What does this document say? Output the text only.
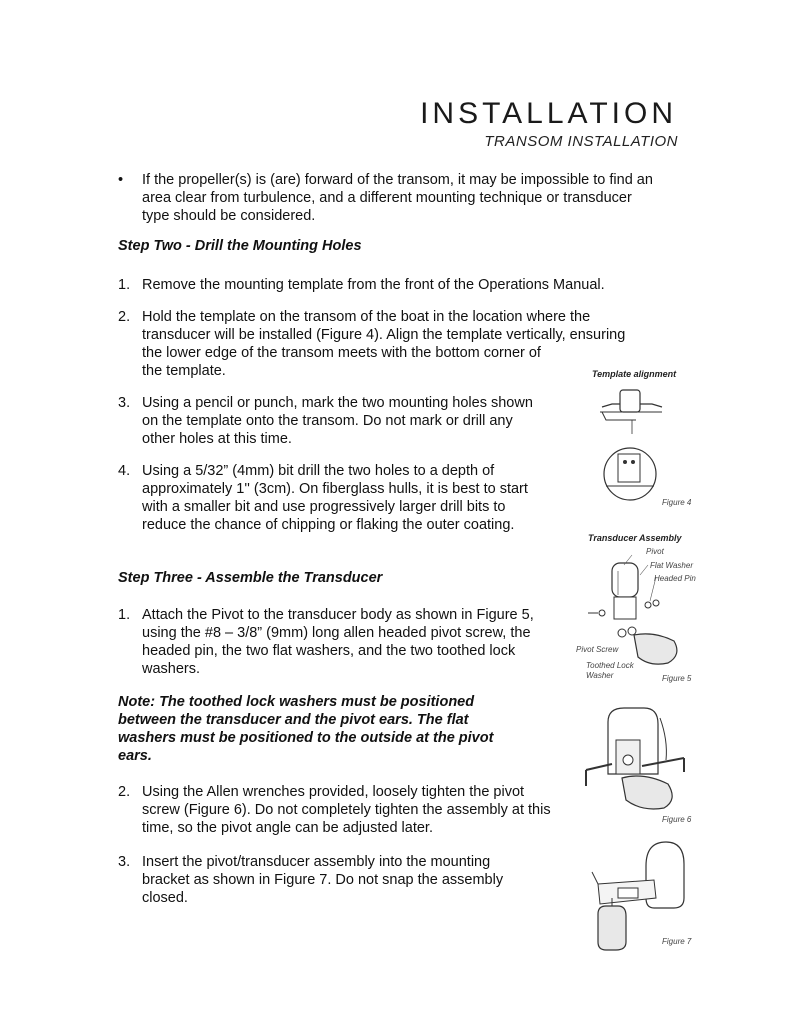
INSTALLATION
TRANSOM INSTALLATION
• If the propeller(s) is (are) forward of the transom, it may be impossible to find an area clear from turbulence, and a different mounting technique or transducer type should be considered.
Step Two - Drill the Mounting Holes
1. Remove the mounting template from the front of the Operations Manual.
2. Hold the template on the transom of the boat in the location where the transducer will be installed (Figure 4). Align the template vertically, ensuring
the lower edge of the transom meets with the bottom corner of the template.
3. Using a pencil or punch, mark the two mounting holes shown on the template onto the transom. Do not mark or drill any other holes at this time.
4. Using a 5/32” (4mm) bit drill the two holes to a depth of approximately 1'' (3cm). On fiberglass hulls, it is best to start with a smaller bit and use progressively larger drill bits to reduce the chance of chipping or flaking the outer coating.
Step Three - Assemble the Transducer
1. Attach the Pivot to the transducer body as shown in Figure 5, using the #8 – 3/8” (9mm) long allen headed pivot screw, the headed pin, the two flat washers, and the two toothed lock washers.
Note: The toothed lock washers must be positioned between the transducer and the pivot ears. The flat washers must be positioned to the outside at the pivot ears.
2. Using the Allen wrenches provided, loosely tighten the pivot screw (Figure 6). Do not completely tighten the assembly at this time, so the pivot angle can be adjusted later.
3. Insert the pivot/transducer assembly into the mounting bracket as shown in Figure 7. Do not snap the assembly closed.
Template alignment
Figure 4
Transducer Assembly
Pivot
Flat Washer
Headed Pin
Pivot Screw
Toothed Lock
Washer	Figure 5
Figure 6
Figure 7
